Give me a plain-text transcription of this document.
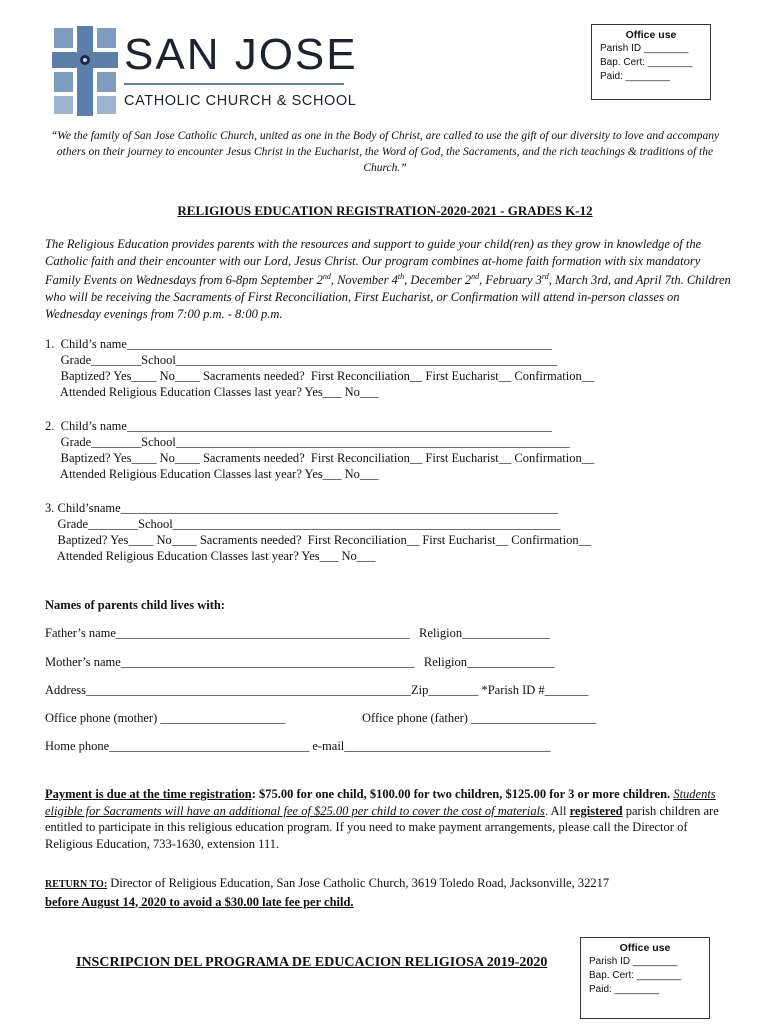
SAN JOSE
CATHOLIC CHURCH & SCHOOL
Office use
Parish ID ________
Bap. Cert: ________
Paid: ________
“We the family of San Jose Catholic Church, united as one in the Body of Christ, are called to use the gift of our diversity to love and accompany others on their journey to encounter Jesus Christ in the Eucharist, the Word of God, the Sacraments, and the rich teachings & traditions of the Church.”
RELIGIOUS EDUCATION REGISTRATION-2020-2021 - GRADES K-12
The Religious Education provides parents with the resources and support to guide your child(ren) as they grow in knowledge of the Catholic faith and their encounter with our Lord, Jesus Christ. Our program combines at-home faith formation with six mandatory Family Events on Wednesdays from 6-8pm September 2nd, November 4th, December 2nd, February 3rd, March 3rd, and April 7th. Children who will be receiving the Sacraments of First Reconciliation, First Eucharist, or Confirmation will attend in-person classes on Wednesday evenings from 7:00 p.m. - 8:00 p.m.
1.  Child’s name____________________________________________________________________
Grade________School_____________________________________________________________
Baptized? Yes____ No____ Sacraments needed?  First Reconciliation__ First Eucharist__ Confirmation__
Attended Religious Education Classes last year? Yes___ No___
2.  Child’s name____________________________________________________________________
Grade________School_______________________________________________________________
Baptized? Yes____ No____ Sacraments needed?  First Reconciliation__ First Eucharist__ Confirmation__
Attended Religious Education Classes last year? Yes___ No___
3. Child’sname______________________________________________________________________
Grade________School______________________________________________________________
Baptized? Yes____ No____ Sacraments needed?  First Reconciliation__ First Eucharist__ Confirmation__
Attended Religious Education Classes last year? Yes___ No___
Names of parents child lives with:
Father’s name_______________________________________________   Religion______________
Mother’s name_______________________________________________   Religion______________
Address____________________________________________________Zip________ *Parish ID #_______
Office phone (mother) ____________________	Office phone (father) ____________________
Home phone________________________________ e-mail_________________________________
Payment is due at the time registration: $75.00 for one child, $100.00 for two children, $125.00 for 3 or more children. Students eligible for Sacraments will have an additional fee of $25.00 per child to cover the cost of materials. All registered parish children are entitled to participate in this religious education program. If you need to make payment arrangements, please call the Director of Religious Education, 733-1630, extension 111.
RETURN TO: Director of Religious Education, San Jose Catholic Church, 3619 Toledo Road, Jacksonville, 32217
before August 14, 2020 to avoid a $30.00 late fee per child.
INSCRIPCION DEL PROGRAMA DE EDUCACION RELIGIOSA 2019-2020
Office use
Parish ID ________
Bap. Cert: ________
Paid: ________
